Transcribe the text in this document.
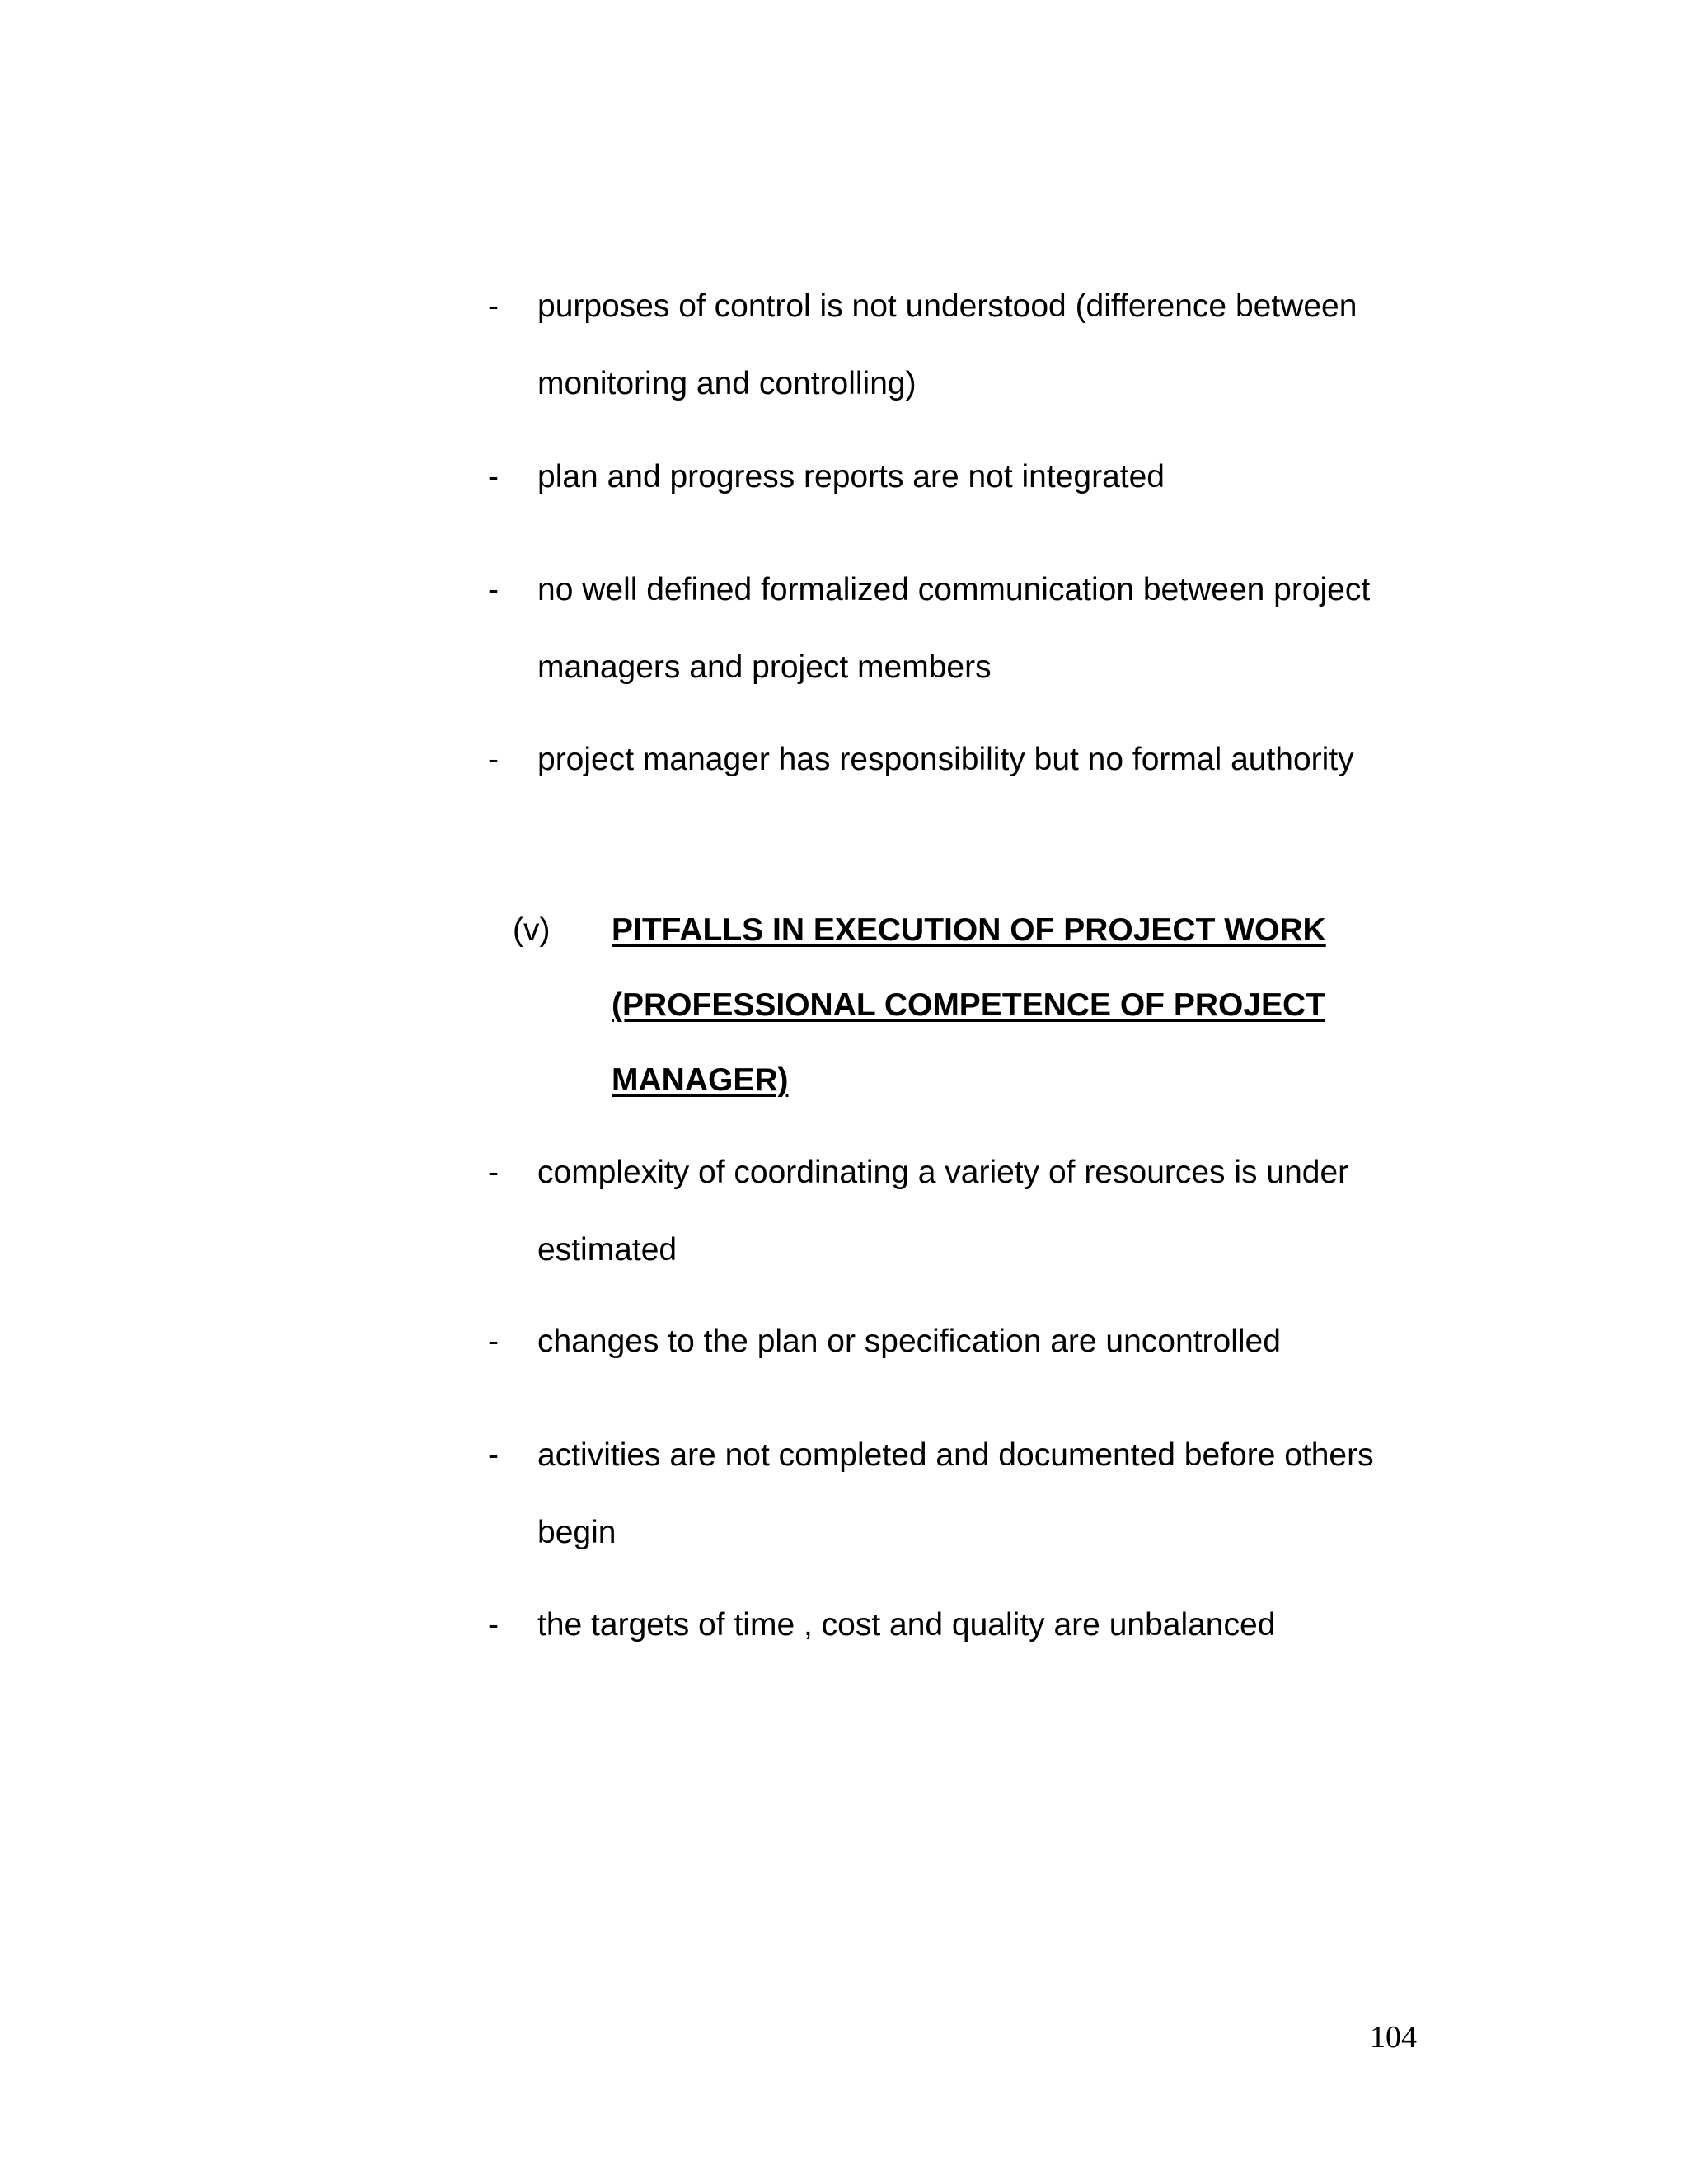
- purposes of control is not understood (difference between
monitoring and controlling)
- plan and progress reports are not integrated
- no well defined formalized communication between project
managers and project members
- project manager has responsibility but no formal authority
(v) PITFALLS IN EXECUTION OF PROJECT WORK
(PROFESSIONAL COMPETENCE OF PROJECT
MANAGER)
- complexity of coordinating a variety of resources is under
estimated
- changes to the plan or specification are uncontrolled
- activities are not completed and documented before others
begin
- the targets of time , cost and quality are unbalanced
104
